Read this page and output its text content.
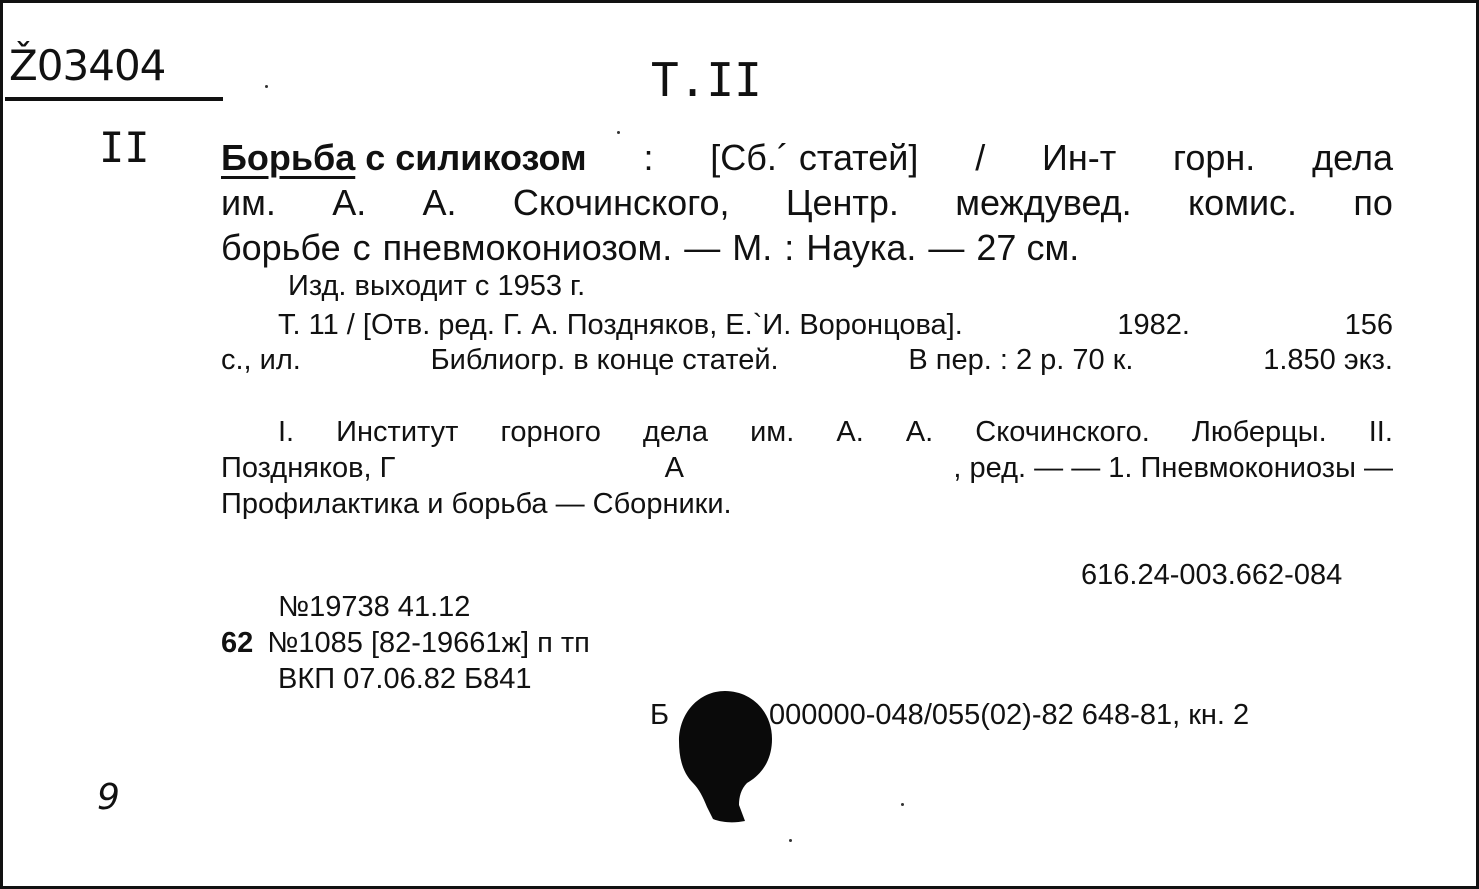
Ž03404	T.II
II Борьба с силикозом : [Сб.´ статей] / Ин-т горн. дела
им. А. А. Скочинского, Центр. междувед. комис. по
борьбе с пневмокониозом. — М. : Наука. — 27 см.
Изд. выходит с 1953 г.
Т. 11 / [Отв. ред. Г. А. Поздняков, Е.`И. Воронцова].	1982.	156
с., ил.	Библиогр. в конце статей.	В пер. : 2 р. 70 к.	1.850 экз.
I. Институт горного дела им. А. А. Скочинского. Люберцы. II.
Поздняков, Г	А	, ред. — — 1. Пневмокониозы —
Профилактика и борьба — Сборники.
616.24-003.662-084
№19738 41.12
62 №1085 [82-19661ж] п тп
ВКП 07.06.82 Б841
Б	000000-048/055(02)-82 648-81, кн. 2
9
